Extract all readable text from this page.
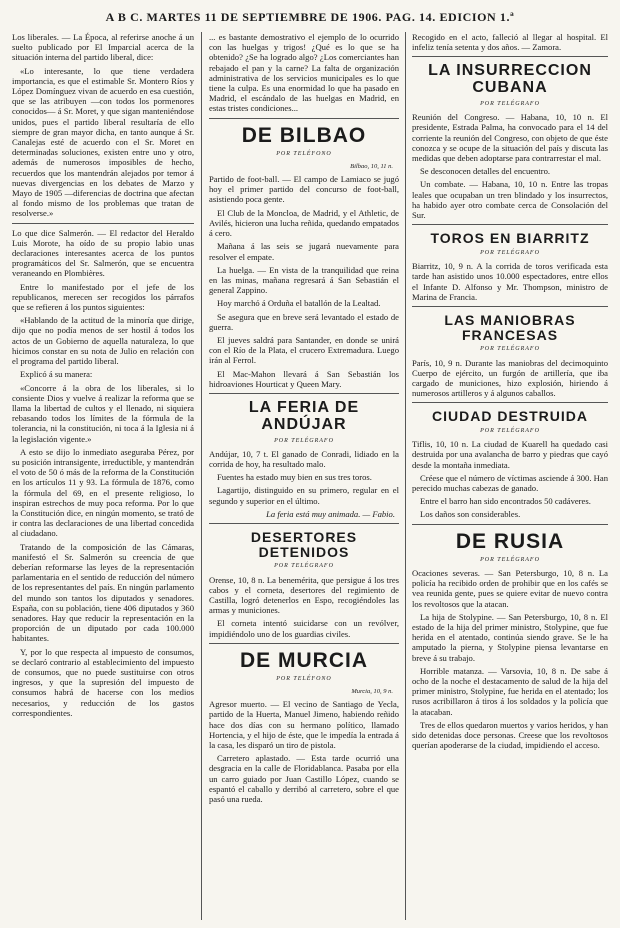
A B C. MARTES 11 DE SEPTIEMBRE DE 1906. PAG. 14. EDICION 1.ª

Los liberales. — La Época, al referirse anoche á un suelto publicado por El Imparcial acerca de la situación interna del partido liberal, dice:

«Lo interesante, lo que tiene verdadera importancia, es que el estimable Sr. Montero Ríos y López Domínguez vivan de acuerdo en esa cuestión, que se las atribuyen —con todos los pormenores conocidos— á Sr. Moret, y que sigan manteniéndose unidos, pues el partido liberal resultaría de ello siempre de gran mayor dicha, en tanto aunque á Sr. Canalejas esté de acuerdo con el Sr. Moret en determinadas soluciones, existen entre uno y otro, además de numerosos imposibles de hecho, recuerdos que los mantendrán alejados por temor á nuevas divergencias en los debates de Marzo y Mayo de 1905 —diferencias de doctrina que afectan al fondo mismo de los problemas que tratan de resolverse.»

Lo que dice Salmerón. — El redactor del Heraldo Luis Morote, ha oído de su propio labio unas declaraciones interesantes acerca de los puntos programáticos del Sr. Salmerón, que se encuentra veraneando en Plombières.

Entre lo manifestado por el jefe de los republicanos, merecen ser recogidos los párrafos que se refieren á los puntos siguientes:

«Hablando de la actitud de la minoría que dirige, dijo que no podía menos de ser hostil á todos los actos de un Gobierno de aquella naturaleza, lo que hicimos constar en su nota de Julio en relación con el programa del partido liberal.

Explicó á su manera:

«Concorre á la obra de los liberales, si lo consiente Dios y vuelve á realizar la reforma que se llama la libertad de cultos y el llenado, ni siquiera rebasando todos los límites de la fórmula de la tolerancia, ni la constitución, ni toca á la Iglesia ni á la legislación vigente.»

A esto se dijo lo inmediato aseguraba Pérez, por su posición intransigente, irreductible, y mantendrán el voto de 50 ó más de la reforma de la Constitución en los artículos 11 y 93. La fórmula de 1876, como la fórmula del 69, en el presente religioso, lo inspiran estrechos de muy poca reforma. Por lo que la Constitución dice, en ningún momento, se trató de ir contra las declaraciones de una libertad concedida al ciudadano.

Tratando de la composición de las Cámaras, manifestó el Sr. Salmerón su creencia de que deberían reformarse las leyes de la representación parlamentaria en el sentido de reducción del número de los representantes del país. En ningún parlamento del mundo son tantos los diputados y senadores. España, con su población, tiene 406 diputados y 360 senadores. Hay que reducir la representación en la proporción de un diputado por cada 100.000 habitantes.

Y, por lo que respecta al impuesto de consumos, se declaró contrario al establecimiento del impuesto de consumos, que no puede sustituirse con otros ingresos, y que la supresión del impuesto de consumos habrá de hacerse con los medios necesarios, y reducción de los gastos correspondientes.

... es bastante demostrativo el ejemplo de lo ocurrido con las huelgas y trigos! ¿Qué es lo que se ha obtenido? ¿Se ha logrado algo? ¿Los comerciantes han rebajado el pan y la carne? La falta de organización administrativa de los servicios municipales es lo que tiene la culpa. Es una enormidad lo que ha pasado en Madrid, el escándalo de las huelgas en Madrid, en estas tristes condiciones...

DE BILBAO
POR TELÉFONO
Bilbao, 10, 11 n.

Partido de foot-ball. — El campo de Lamiaco se jugó hoy el primer partido del concurso de foot-ball, asistiendo poca gente.

El Club de la Moncloa, de Madrid, y el Athletic, de Avilés, hicieron una lucha reñida, quedando empatados á cero.

Mañana á las seis se jugará nuevamente para resolver el empate.

La huelga. — En vista de la tranquilidad que reina en las minas, mañana regresará á San Sebastián el general Zappino.

Hoy marchó á Orduña el batallón de la Lealtad.

Se asegura que en breve será levantado el estado de guerra.

El jueves saldrá para Santander, en donde se unirá con el Río de la Plata, el crucero Extremadura. Luego irán al Ferrol.

El Mac-Mahon llevará á San Sebastián los hidroaviones Hourticat y Queen Mary.

LA FERIA DE ANDÚJAR
POR TELÉGRAFO

Andújar, 10, 7 t. El ganado de Conradi, lidiado en la corrida de hoy, ha resultado malo.

Fuentes ha estado muy bien en sus tres toros.

Lagartijo, distinguido en su primero, regular en el segundo y superior en el último.

La feria está muy animada. — Fabio.

DESERTORES DETENIDOS
POR TELÉGRAFO

Orense, 10, 8 n. La benemérita, que persigue á los tres cabos y el corneta, desertores del regimiento de Castilla, logró detenerlos en Espo, recogiéndoles las armas y municiones.

El corneta intentó suicidarse con un revólver, impidiéndolo uno de los guardias civiles.

DE MURCIA
POR TELÉFONO
Murcia, 10, 9 n.

Agresor muerto. — El vecino de Santiago de Yecla, partido de la Huerta, Manuel Jimeno, habiendo reñido hace dos días con su hermano político, llamado Hortencia, y el hijo de éste, que le impedía la entrada á la casa, les disparó un tiro de pistola.

Carretero aplastado. — Esta tarde ocurrió una desgracia en la calle de Floridablanca. Pasaba por ella un carro guiado por Juan Castillo López, cuando se espantó el caballo y derribó al carretero, sobre el que pasó una rueda.

Recogido en el acto, falleció al llegar al hospital. El infeliz tenía setenta y dos años. — Zamora.

LA INSURRECCION CUBANA
POR TELÉGRAFO

Reunión del Congreso. — Habana, 10, 10 n. El presidente, Estrada Palma, ha convocado para el 14 del corriente la reunión del Congreso, con objeto de que éste conozca y se ocupe de la situación del país y discuta las medidas que deben adoptarse para contrarrestar el mal.

Se desconocen detalles del encuentro.

Un combate. — Habana, 10, 10 n. Entre las tropas leales que ocupaban un tren blindado y los insurrectos, ha habido ayer otro combate cerca de Consolación del Sur.

TOROS EN BIARRITZ
POR TELÉGRAFO

Biarritz, 10, 9 n. A la corrida de toros verificada esta tarde han asistido unos 10.000 espectadores, entre ellos el Infante D. Alfonso y Mr. Thompson, ministro de Marina de Francia.

LAS MANIOBRAS FRANCESAS
POR TELÉGRAFO

París, 10, 9 n. Durante las maniobras del decimoquinto Cuerpo de ejército, un furgón de artillería, que iba cargado de municiones, hizo explosión, hiriendo á numerosos artilleros y á algunos caballos.

CIUDAD DESTRUIDA
POR TELÉGRAFO

Tiflis, 10, 10 n. La ciudad de Kuarell ha quedado casi destruida por una avalancha de barro y piedras que cayó desde la montaña inmediata.

Créese que el número de víctimas asciende á 300. Han perecido muchas cabezas de ganado.

Entre el barro han sido encontrados 50 cadáveres.

Los daños son considerables.

DE RUSIA
POR TELÉGRAFO

Ocaciones severas. — San Petersburgo, 10, 8 n. La policía ha recibido orden de prohibir que en los cafés se vea reunida gente, pues se quiere evitar de nuevo contra los revoltosos que la atacan.

La hija de Stolypine. — San Petersburgo, 10, 8 n. El estado de la hija del primer ministro, Stolypine, que fue herida en el atentado, continúa siendo grave. Se le ha amputado la pierna, y Stolypine piensa levantarse en breve á su trabajo.

Horrible matanza. — Varsovia, 10, 8 n. De sabe á ocho de la noche el destacamento de salud de la hija del primer ministro, Stolypine, fue herida en el atentado; los rusos acribillaron á tiros á los soldados y la policía que la atacaban.

Tres de ellos quedaron muertos y varios heridos, y han sido detenidas doce personas. Creese que los revoltosos querían apoderarse de la ciudad, impidiendo el acceso.
